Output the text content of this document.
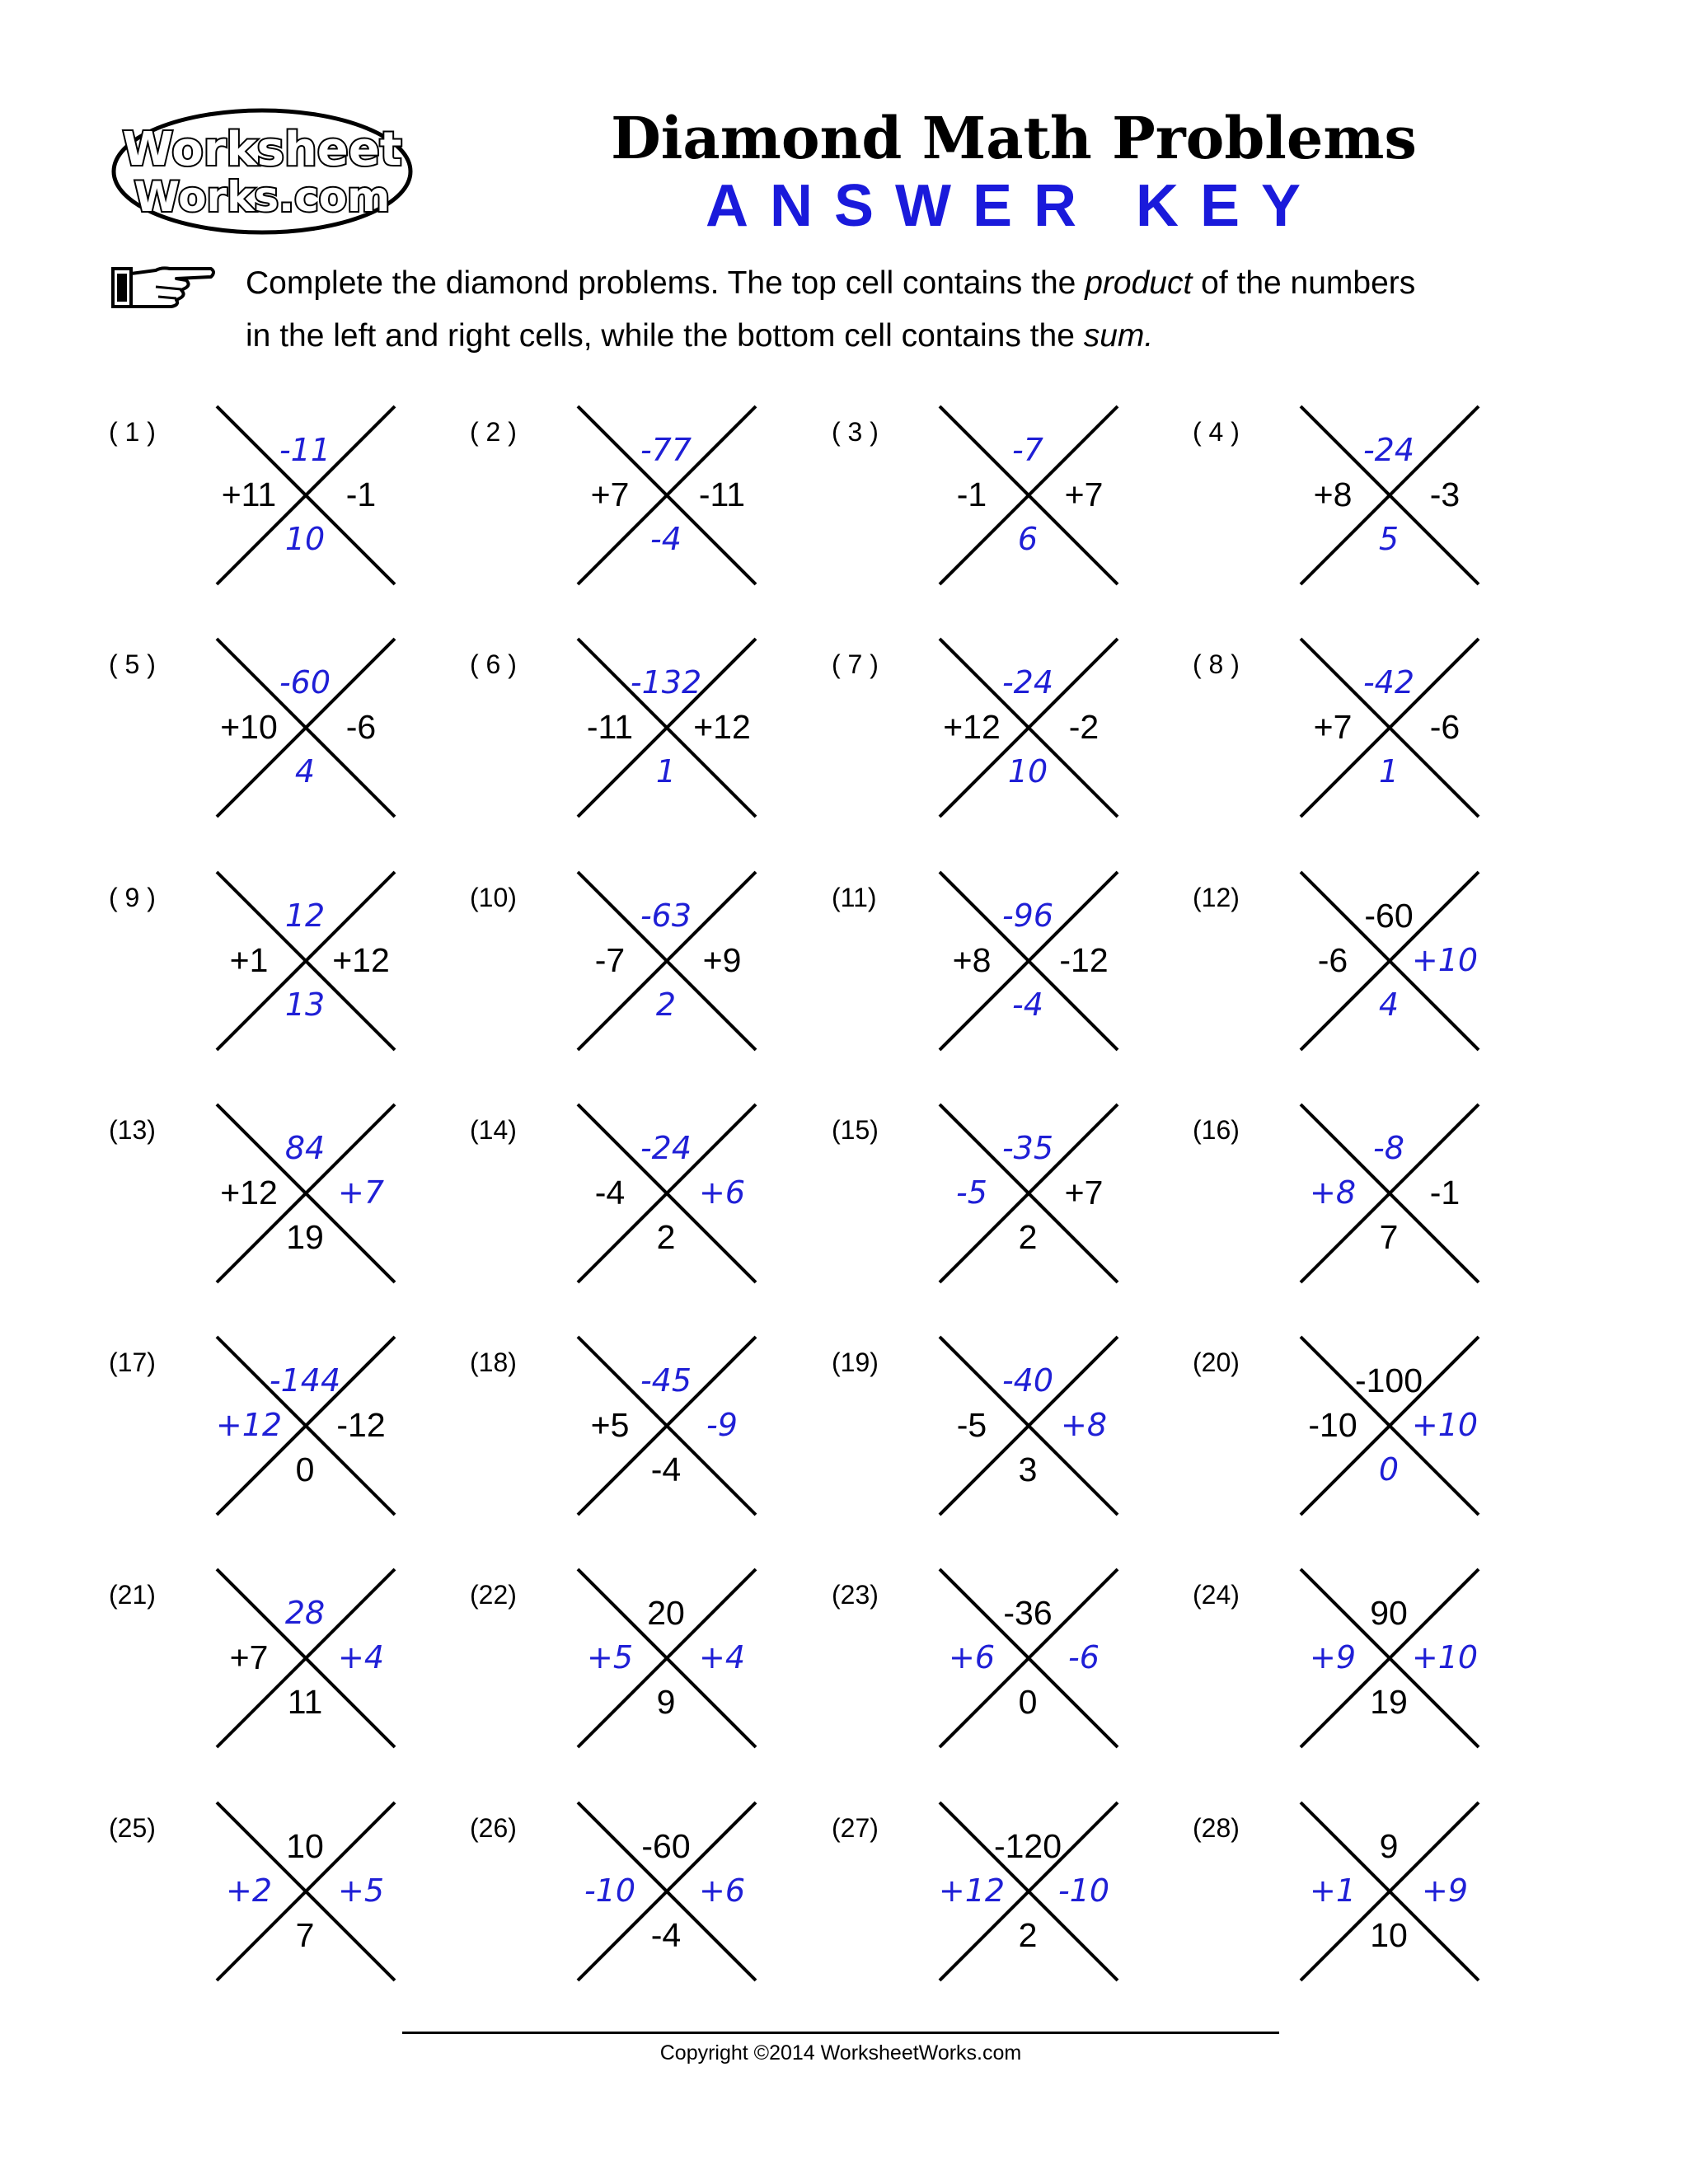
Worksheet
Works.com
Diamond Math Problems
ANSWER KEY

Complete the diamond problems. The top cell contains the product of the numbers

in the left and right cells, while the bottom cell contains the sum.

( 1 )	-11
+11	-1
10
( 2 )	-77
+7	-11
-4
( 3 )	-7
-1	+7
6
( 4 )	-24
+8	-3
5
( 5 )	-60
+10	-6
4
( 6 )	-132
-11	+12
1
( 7 )	-24
+12	-2
10
( 8 )	-42
+7	-6
1
( 9 )	12
+1	+12
13
(10)	-63
-7	+9
2
(11)	-96
+8	-12
-4
(12)	-60
-6	+10
4
(13)	84
+12	+7
19
(14)	-24
-4	+6
2
(15)	-35
-5	+7
2
(16)	-8
+8	-1
7
(17)	-144
+12	-12
0
(18)	-45
+5	-9
-4
(19)	-40
-5	+8
3
(20)	-100
-10	+10
0
(21)	28
+7	+4
11
(22)	20
+5	+4
9
(23)	-36
+6	-6
0
(24)	90
+9	+10
19
(25)	10
+2	+5
7
(26)	-60
-10	+6
-4
(27)	-120
+12	-10
2
(28)	9
+1	+9
10
Copyright ©2014 WorksheetWorks.com
